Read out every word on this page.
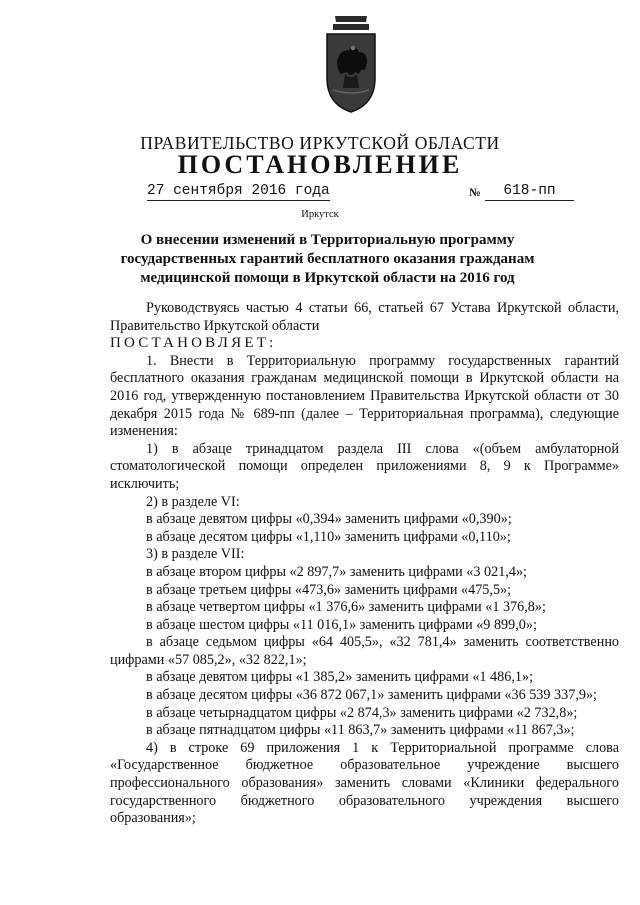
ПРАВИТЕЛЬСТВО ИРКУТСКОЙ ОБЛАСТИ
ПОСТАНОВЛЕНИЕ
27 сентября 2016 года	№	618-пп
Иркутск
О внесении изменений в Территориальную программу государственных гарантий бесплатного оказания гражданам медицинской помощи в Иркутской области на 2016 год

Руководствуясь частью 4 статьи 66, статьей 67 Устава Иркутской области, Правительство Иркутской области

ПОСТАНОВЛЯЕТ:

1. Внести в Территориальную программу государственных гарантий бесплатного оказания гражданам медицинской помощи в Иркутской области на 2016 год, утвержденную постановлением Правительства Иркутской области от 30 декабря 2015 года № 689-пп (далее – Территориальная программа), следующие изменения:

1) в абзаце тринадцатом раздела III слова «(объем амбулаторной стоматологической помощи определен приложениями 8, 9 к Программе» исключить;

2) в разделе VI:

в абзаце девятом цифры «0,394» заменить цифрами «0,390»;

в абзаце десятом цифры «1,110» заменить цифрами «0,110»;

3) в разделе VII:

в абзаце втором цифры «2 897,7» заменить цифрами «3 021,4»;

в абзаце третьем цифры «473,6» заменить цифрами «475,5»;

в абзаце четвертом цифры «1 376,6» заменить цифрами «1 376,8»;

в абзаце шестом цифры «11 016,1» заменить цифрами «9 899,0»;

в абзаце седьмом цифры «64 405,5», «32 781,4» заменить соответственно цифрами «57 085,2», «32 822,1»;

в абзаце девятом цифры «1 385,2» заменить цифрами «1 486,1»;

в абзаце десятом цифры «36 872 067,1» заменить цифрами «36 539 337,9»;

в абзаце четырнадцатом цифры «2 874,3» заменить цифрами «2 732,8»;

в абзаце пятнадцатом цифры «11 863,7» заменить цифрами «11 867,3»;

4) в строке 69 приложения 1 к Территориальной программе слова «Государственное бюджетное образовательное учреждение высшего профессионального образования» заменить словами «Клиники федерального государственного бюджетного образовательного учреждения высшего образования»;
